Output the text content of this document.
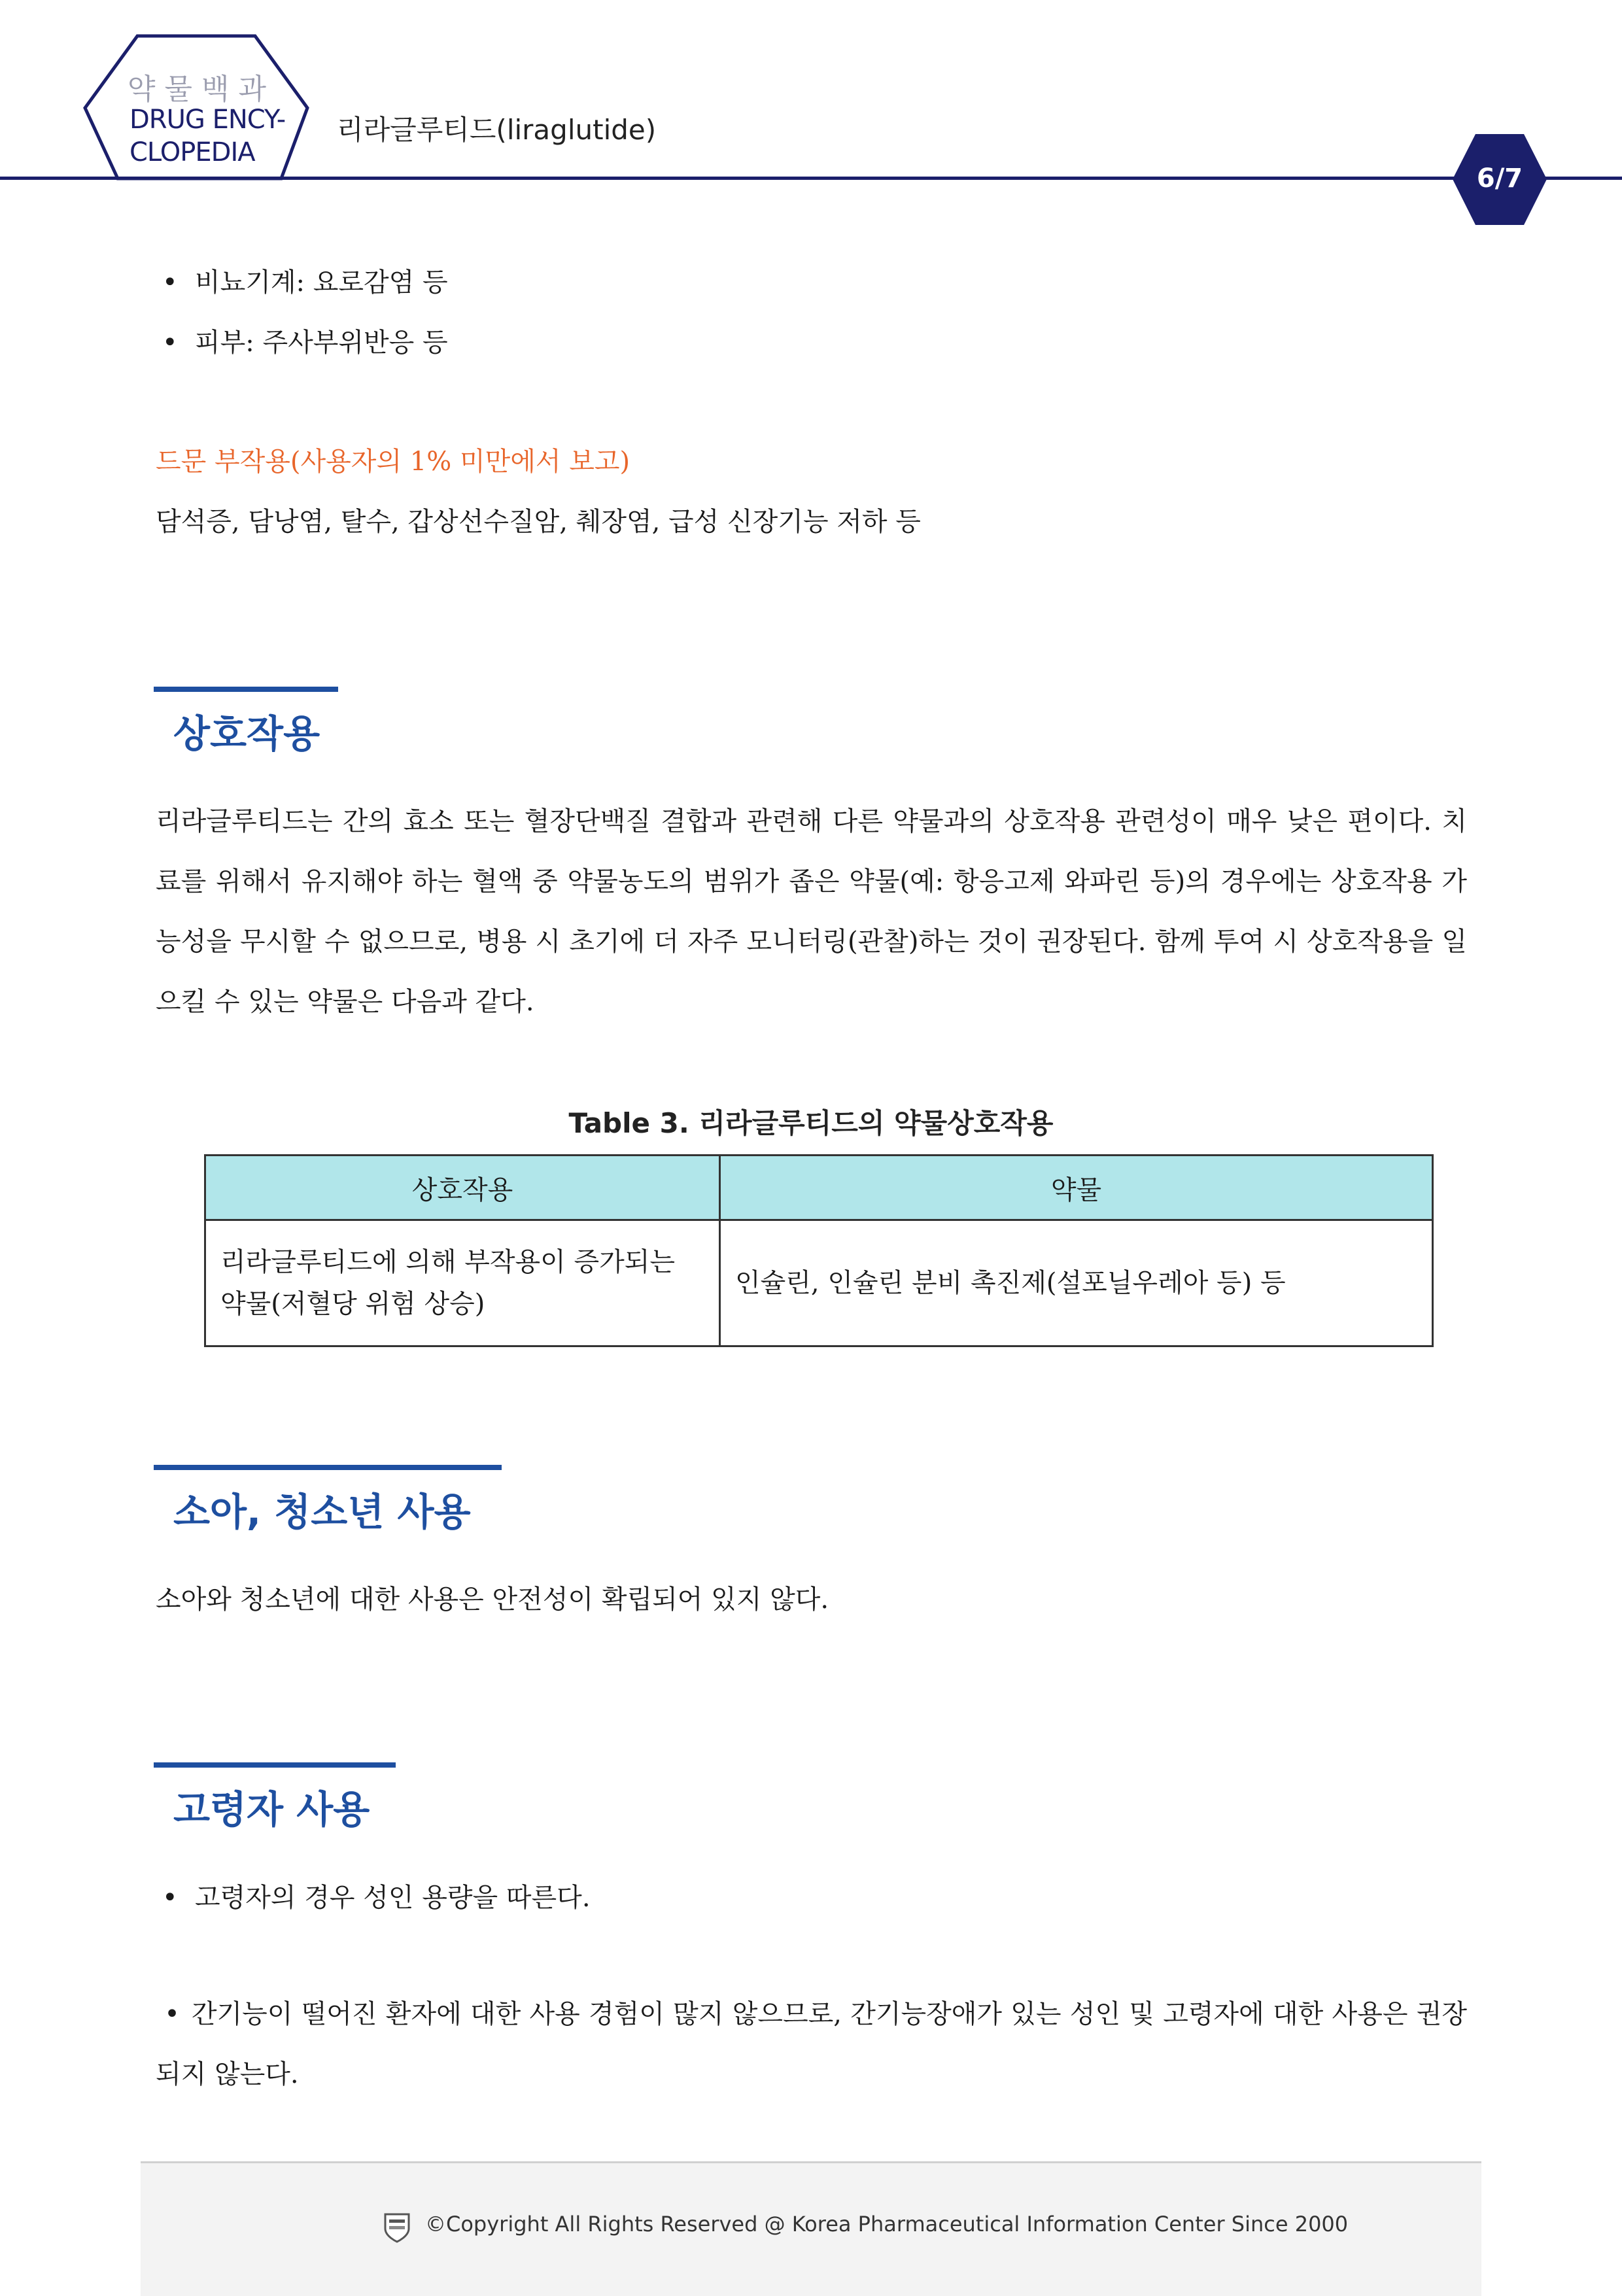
약물백과
DRUG ENCY-
CLOPEDIA
리라글루티드(liraglutide)
6/7
• 비뇨기계: 요로감염 등
• 피부: 주사부위반응 등
드문 부작용(사용자의 1% 미만에서 보고)
담석증, 담낭염, 탈수, 갑상선수질암, 췌장염, 급성 신장기능 저하 등
상호작용
리라글루티드는 간의 효소 또는 혈장단백질 결합과 관련해 다른 약물과의 상호작용 관련성이 매우 낮은 편이다. 치료를 위해서 유지해야 하는 혈액 중 약물농도의 범위가 좁은 약물(예: 항응고제 와파린 등)의 경우에는 상호작용 가능성을 무시할 수 없으므로, 병용 시 초기에 더 자주 모니터링(관찰)하는 것이 권장된다. 함께 투여 시 상호작용을 일으킬 수 있는 약물은 다음과 같다.
Table 3. 리라글루티드의 약물상호작용
상호작용	약물
리라글루티드에 의해 부작용이 증가되는 약물(저혈당 위험 상승)	인슐린, 인슐린 분비 촉진제(설포닐우레아 등) 등
소아, 청소년 사용
소아와 청소년에 대한 사용은 안전성이 확립되어 있지 않다.
고령자 사용
• 고령자의 경우 성인 용량을 따른다.
• 간기능이 떨어진 환자에 대한 사용 경험이 많지 않으므로, 간기능장애가 있는 성인 및 고령자에 대한 사용은 권장되지 않는다.
©Copyright All Rights Reserved @ Korea Pharmaceutical Information Center Since 2000
